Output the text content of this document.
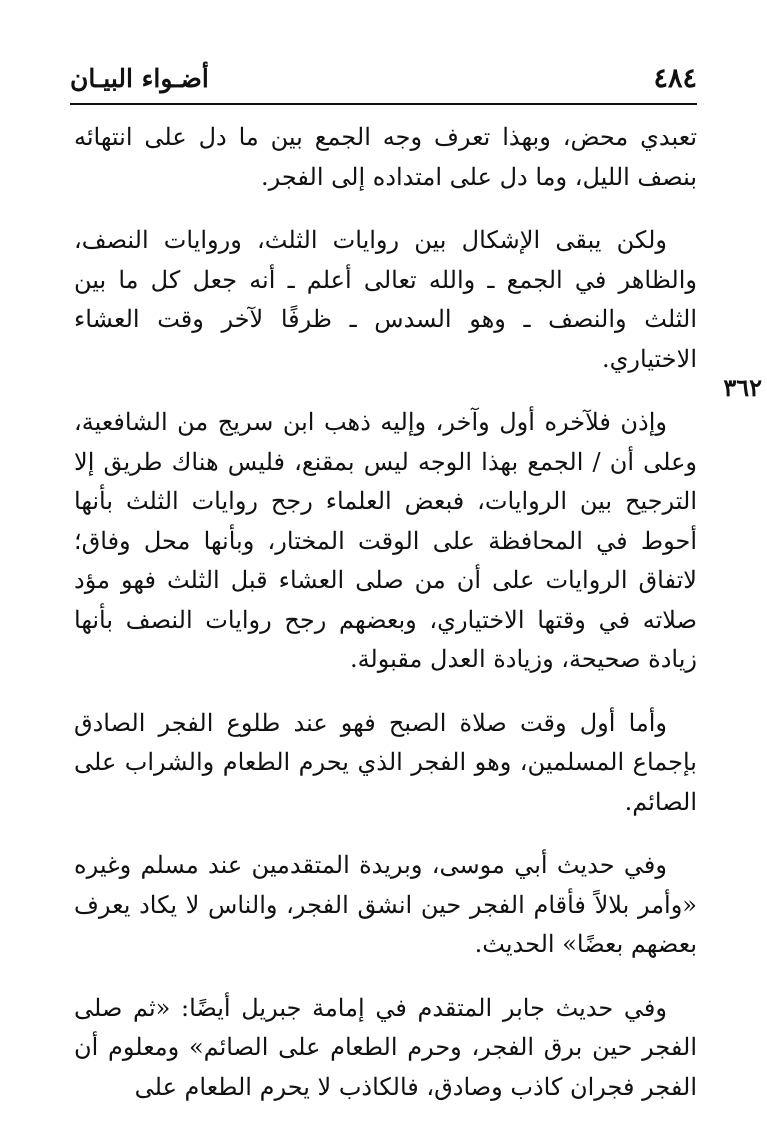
٤٨٤
أضـواء البيـان
٣٦٢

تعبدي محض، وبهذا تعرف وجه الجمع بين ما دل على انتهائه بنصف الليل، وما دل على امتداده إلى الفجر.

ولكن يبقى الإشكال بين روايات الثلث، وروايات النصف، والظاهر في الجمع ـ والله تعالى أعلم ـ أنه جعل كل ما بين الثلث والنصف ـ وهو السدس ـ ظرفًا لآخر وقت العشاء الاختياري.

وإذن فلآخره أول وآخر، وإليه ذهب ابن سريج من الشافعية، وعلى أن / الجمع بهذا الوجه ليس بمقنع، فليس هناك طريق إلا الترجيح بين الروايات، فبعض العلماء رجح روايات الثلث بأنها أحوط في المحافظة على الوقت المختار، وبأنها محل وفاق؛ لاتفاق الروايات على أن من صلى العشاء قبل الثلث فهو مؤد صلاته في وقتها الاختياري، وبعضهم رجح روايات النصف بأنها زيادة صحيحة، وزيادة العدل مقبولة.

وأما أول وقت صلاة الصبح فهو عند طلوع الفجر الصادق بإجماع المسلمين، وهو الفجر الذي يحرم الطعام والشراب على الصائم.

وفي حديث أبي موسى، وبريدة المتقدمين عند مسلم وغيره «وأمر بلالاً فأقام الفجر حين انشق الفجر، والناس لا يكاد يعرف بعضهم بعضًا» الحديث.

وفي حديث جابر المتقدم في إمامة جبريل أيضًا: «ثم صلى الفجر حين برق الفجر، وحرم الطعام على الصائم» ومعلوم أن الفجر فجران كاذب وصادق، فالكاذب لا يحرم الطعام على
